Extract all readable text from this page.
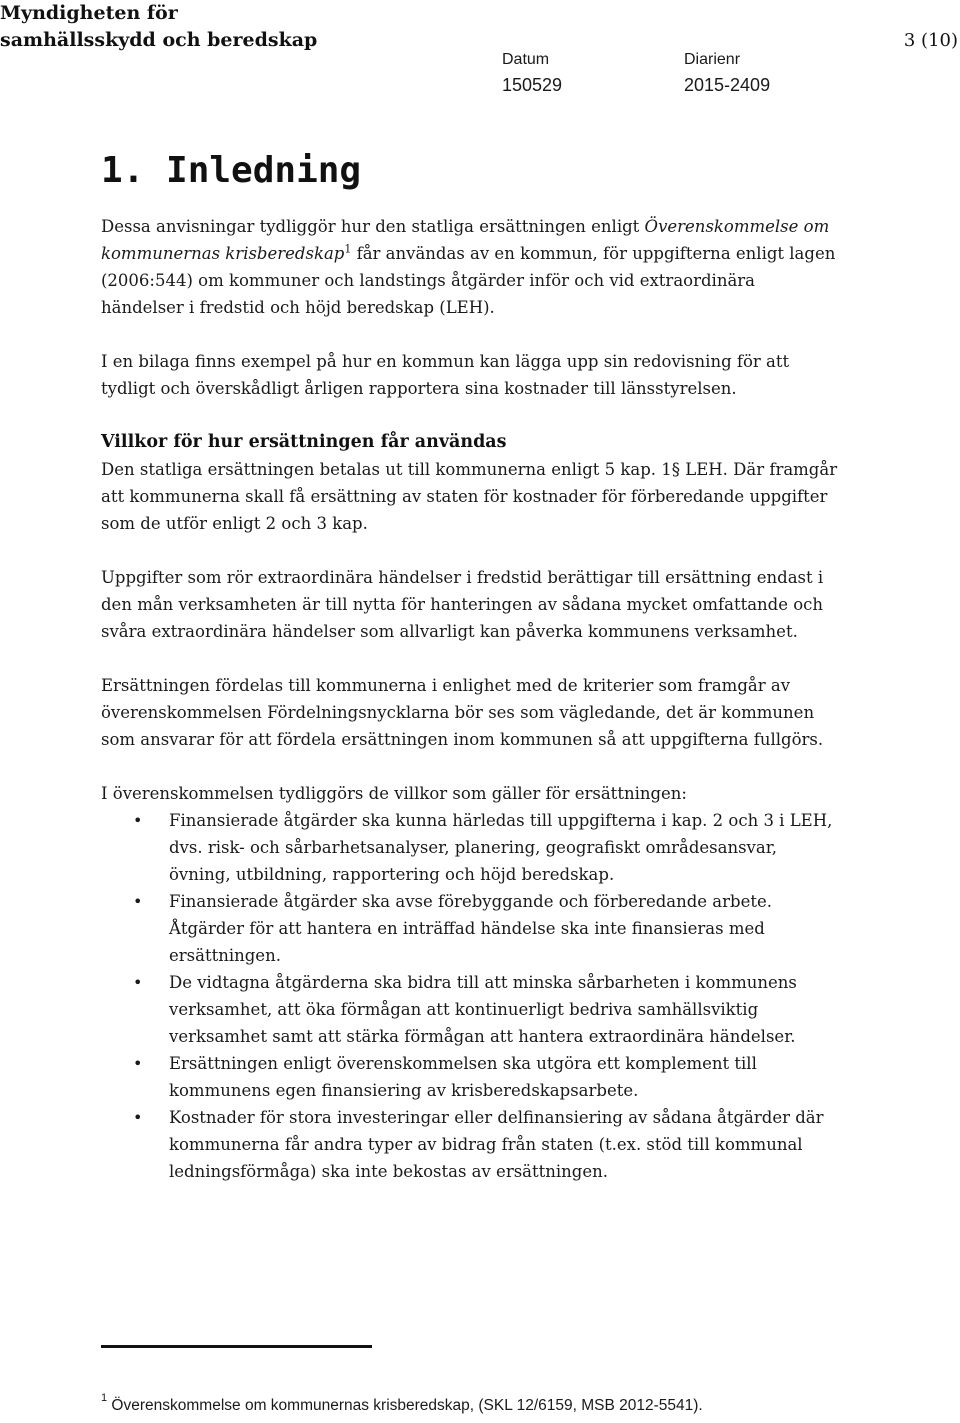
Myndigheten för
samhällsskydd och beredskap	3 (10)
Datum
150529
Diarienr
2015-2409
1. Inledning

Dessa anvisningar tydliggör hur den statliga ersättningen enligt Överenskommelse om kommunernas krisberedskap$^1$ får användas av en kommun, för uppgifterna enligt lagen (2006:544) om kommuner och landstings åtgärder inför och vid extraordinära händelser i fredstid och höjd beredskap (LEH).

I en bilaga finns exempel på hur en kommun kan lägga upp sin redovisning för att tydligt och överskådligt årligen rapportera sina kostnader till länsstyrelsen.

Villkor för hur ersättningen får användas

Den statliga ersättningen betalas ut till kommunerna enligt 5 kap. 1§ LEH. Där framgår att kommunerna skall få ersättning av staten för kostnader för förberedande uppgifter som de utför enligt 2 och 3 kap.

Uppgifter som rör extraordinära händelser i fredstid berättigar till ersättning endast i den mån verksamheten är till nytta för hanteringen av sådana mycket omfattande och svåra extraordinära händelser som allvarligt kan påverka kommunens verksamhet.

Ersättningen fördelas till kommunerna i enlighet med de kriterier som framgår av överenskommelsen Fördelningsnycklarna bör ses som vägledande, det är kommunen som ansvarar för att fördela ersättningen inom kommunen så att uppgifterna fullgörs.

I överenskommelsen tydliggörs de villkor som gäller för ersättningen:

• Finansierade åtgärder ska kunna härledas till uppgifterna i kap. 2 och 3 i LEH, dvs. risk- och sårbarhetsanalyser, planering, geografiskt områdesansvar, övning, utbildning, rapportering och höjd beredskap.
• Finansierade åtgärder ska avse förebyggande och förberedande arbete. Åtgärder för att hantera en inträffad händelse ska inte finansieras med ersättningen.
• De vidtagna åtgärderna ska bidra till att minska sårbarheten i kommunens verksamhet, att öka förmågan att kontinuerligt bedriva samhällsviktig verksamhet samt att stärka förmågan att hantera extraordinära händelser.
• Ersättningen enligt överenskommelsen ska utgöra ett komplement till kommunens egen finansiering av krisberedskapsarbete.
• Kostnader för stora investeringar eller delfinansiering av sådana åtgärder där kommunerna får andra typer av bidrag från staten (t.ex. stöd till kommunal ledningsförmåga) ska inte bekostas av ersättningen.
$^1$ Överenskommelse om kommunernas krisberedskap, (SKL 12/6159, MSB 2012-5541).
